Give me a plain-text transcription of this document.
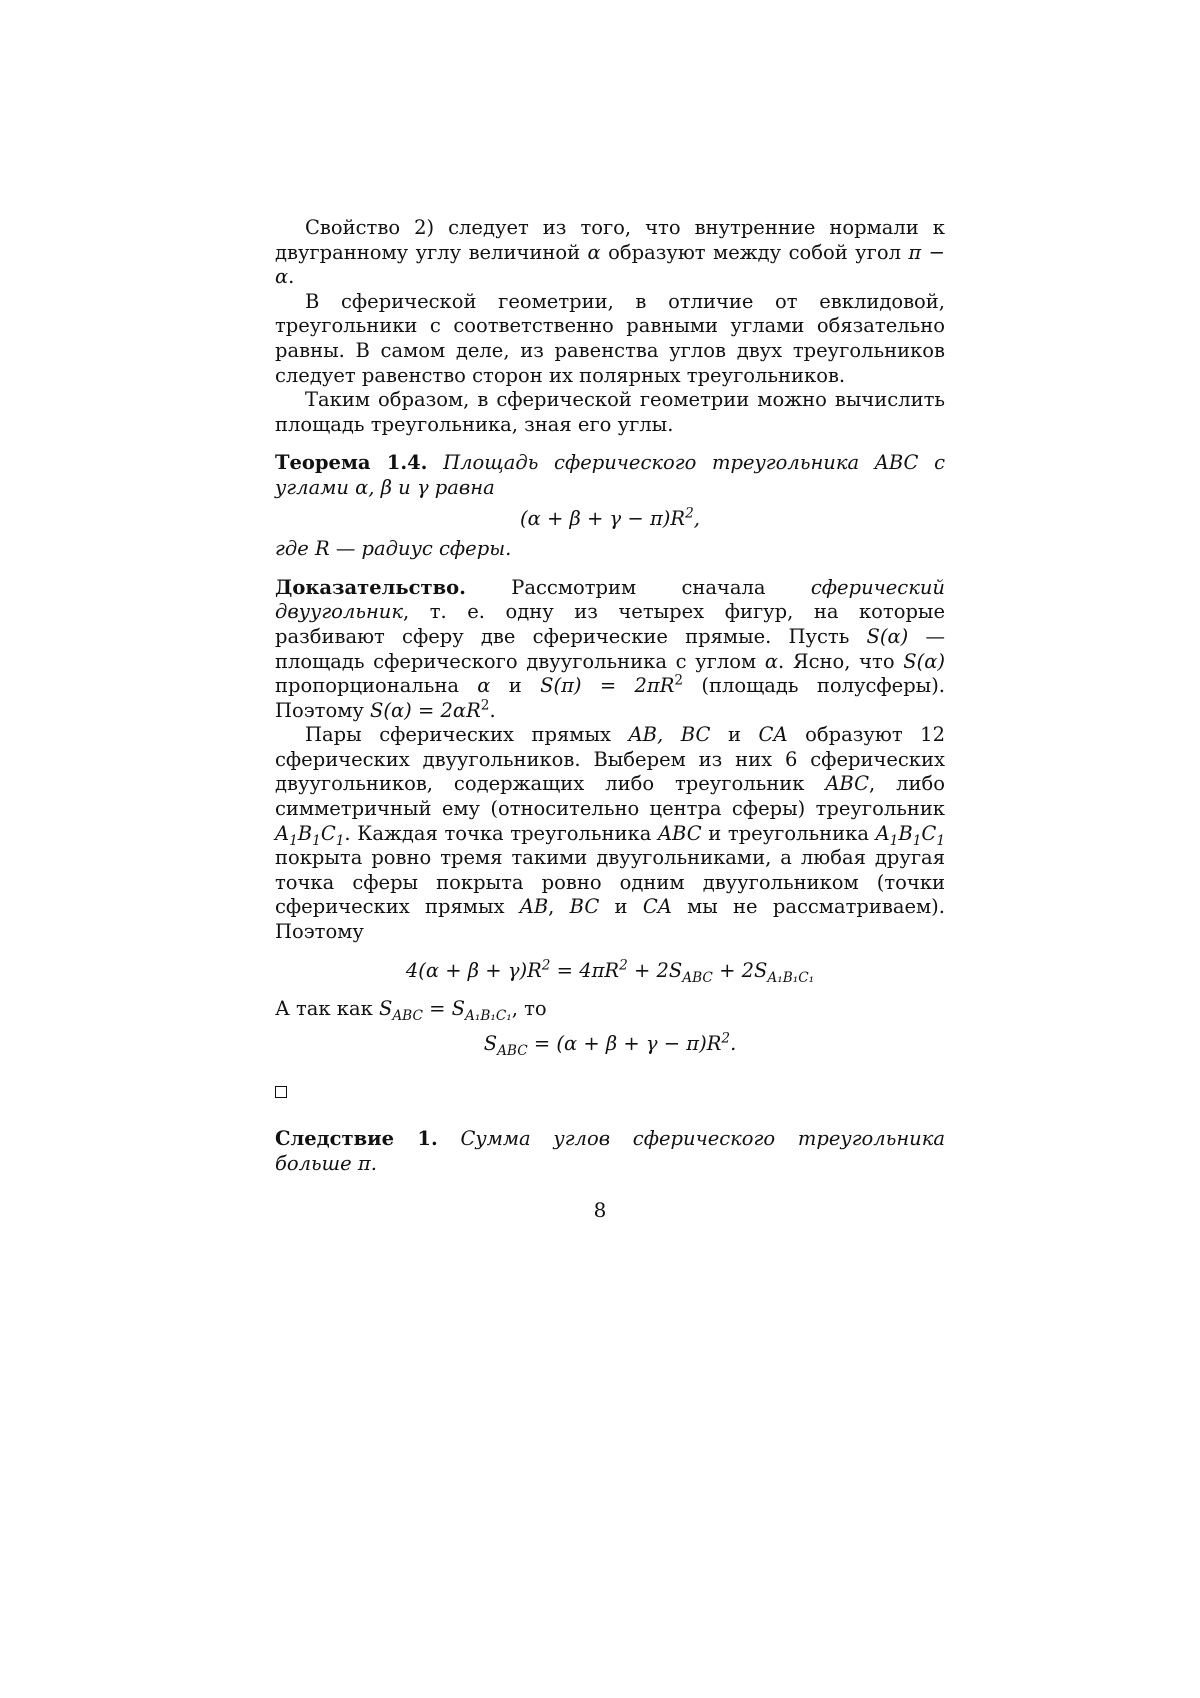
Свойство 2) следует из того, что внутренние нормали к двугранному углу величиной α образуют между собой угол π − α.

В сферической геометрии, в отличие от евклидовой, треугольники с соответственно равными углами обязательно равны. В самом деле, из равенства углов двух треугольников следует равенство сторон их полярных треугольников.

Таким образом, в сферической геометрии можно вычислить площадь треугольника, зная его углы.

Теорема 1.4. Площадь сферического треугольника ABC с углами α, β и γ равна

(α + β + γ − π)R2,

где R — радиус сферы.

Доказательство. Рассмотрим сначала сферический двуугольник, т. е. одну из четырех фигур, на которые разбивают сферу две сферические прямые. Пусть S(α) — площадь сферического двуугольника с углом α. Ясно, что S(α) пропорциональна α и S(π) = 2πR2 (площадь полусферы). Поэтому S(α) = 2αR2.

Пары сферических прямых AB, BC и CA образуют 12 сферических двуугольников. Выберем из них 6 сферических двуугольников, содержащих либо треугольник ABC, либо симметричный ему (относительно центра сферы) треугольник A1B1C1. Каждая точка треугольника ABC и треугольника A1B1C1 покрыта ровно тремя такими двуугольниками, а любая другая точка сферы покрыта ровно одним двуугольником (точки сферических прямых AB, BC и CA мы не рассматриваем). Поэтому

4(α + β + γ)R2 = 4πR2 + 2SABC + 2SA₁B₁C₁

А так как SABC = SA₁B₁C₁, то

SABC = (α + β + γ − π)R2.

Следствие 1. Сумма углов сферического треугольника больше π.

8
